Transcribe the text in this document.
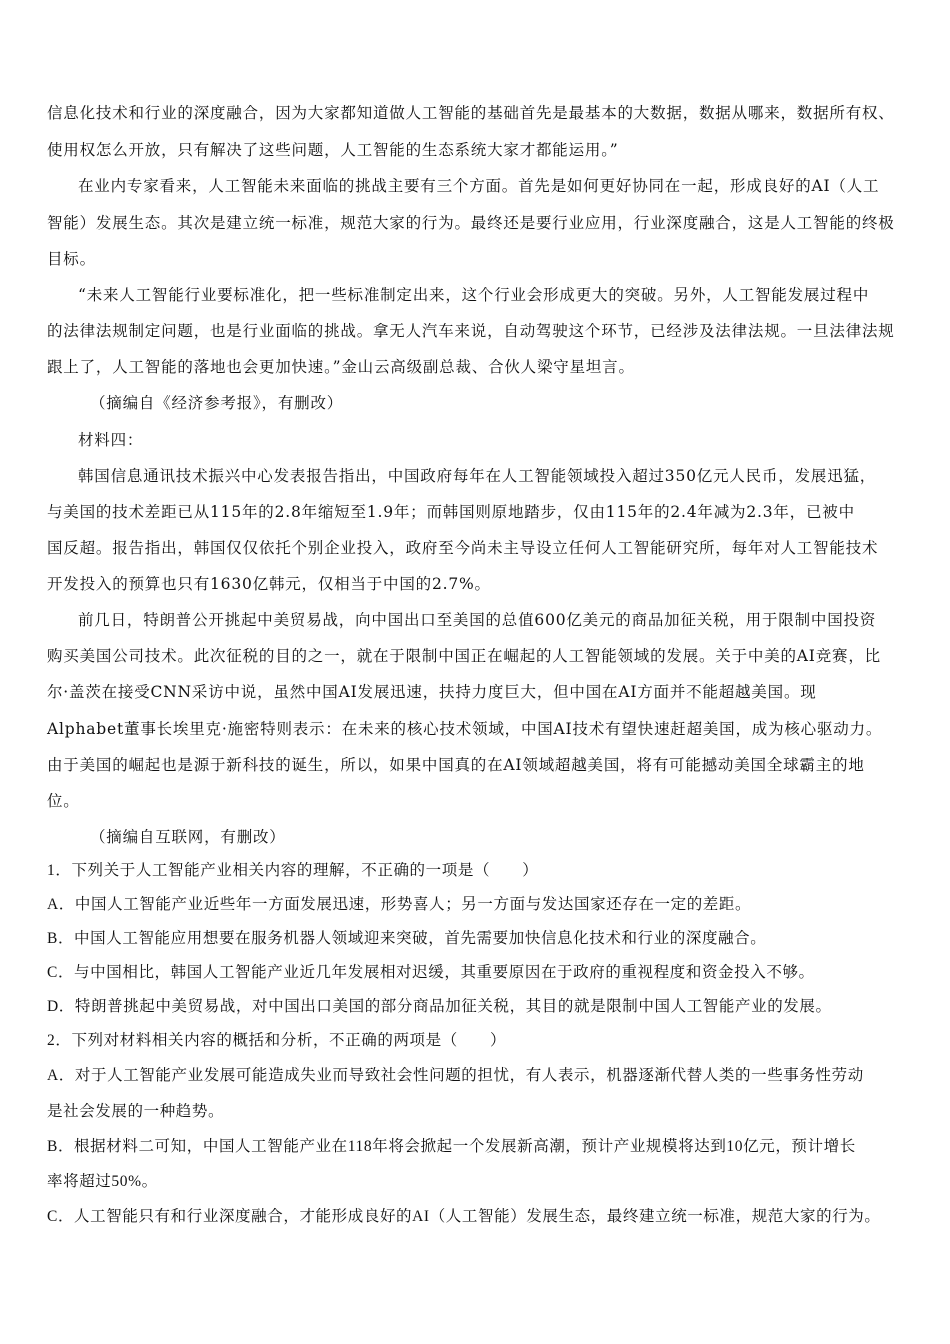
信息化技术和行业的深度融合，因为大家都知道做人工智能的基础首先是最基本的大数据，数据从哪来，数据所有权、
使用权怎么开放，只有解决了这些问题，人工智能的生态系统大家才都能运用。”
在业内专家看来，人工智能未来面临的挑战主要有三个方面。首先是如何更好协同在一起，形成良好的AI（人工
智能）发展生态。其次是建立统一标准，规范大家的行为。最终还是要行业应用，行业深度融合，这是人工智能的终极
目标。
“未来人工智能行业要标准化，把一些标准制定出来，这个行业会形成更大的突破。另外，人工智能发展过程中
的法律法规制定问题，也是行业面临的挑战。拿无人汽车来说，自动驾驶这个环节，已经涉及法律法规。一旦法律法规
跟上了，人工智能的落地也会更加快速。”金山云高级副总裁、合伙人梁守星坦言。
（摘编自《经济参考报》，有删改）
材料四：
韩国信息通讯技术振兴中心发表报告指出，中国政府每年在人工智能领域投入超过350亿元人民币，发展迅猛，
与美国的技术差距已从115年的2.8年缩短至1.9年；而韩国则原地踏步，仅由115年的2.4年减为2.3年，已被中
国反超。报告指出，韩国仅仅依托个别企业投入，政府至今尚未主导设立任何人工智能研究所，每年对人工智能技术
开发投入的预算也只有1630亿韩元，仅相当于中国的2.7%。
前几日，特朗普公开挑起中美贸易战，向中国出口至美国的总值600亿美元的商品加征关税，用于限制中国投资
购买美国公司技术。此次征税的目的之一，就在于限制中国正在崛起的人工智能领域的发展。关于中美的AI竞赛，比
尔·盖茨在接受CNN采访中说，虽然中国AI发展迅速，扶持力度巨大，但中国在AI方面并不能超越美国。现
Alphabet董事长埃里克·施密特则表示：在未来的核心技术领域，中国AI技术有望快速赶超美国，成为核心驱动力。
由于美国的崛起也是源于新科技的诞生，所以，如果中国真的在AI领域超越美国，将有可能撼动美国全球霸主的地
位。
（摘编自互联网，有删改）
1．下列关于人工智能产业相关内容的理解，不正确的一项是（　　）
A．中国人工智能产业近些年一方面发展迅速，形势喜人；另一方面与发达国家还存在一定的差距。
B．中国人工智能应用想要在服务机器人领域迎来突破，首先需要加快信息化技术和行业的深度融合。
C．与中国相比，韩国人工智能产业近几年发展相对迟缓，其重要原因在于政府的重视程度和资金投入不够。
D．特朗普挑起中美贸易战，对中国出口美国的部分商品加征关税，其目的就是限制中国人工智能产业的发展。
2．下列对材料相关内容的概括和分析，不正确的两项是（　　）
A．对于人工智能产业发展可能造成失业而导致社会性问题的担忧，有人表示，机器逐渐代替人类的一些事务性劳动
是社会发展的一种趋势。
B．根据材料二可知，中国人工智能产业在118年将会掀起一个发展新高潮，预计产业规模将达到10亿元，预计增长
率将超过50%。
C．人工智能只有和行业深度融合，才能形成良好的AI（人工智能）发展生态，最终建立统一标准，规范大家的行为。
